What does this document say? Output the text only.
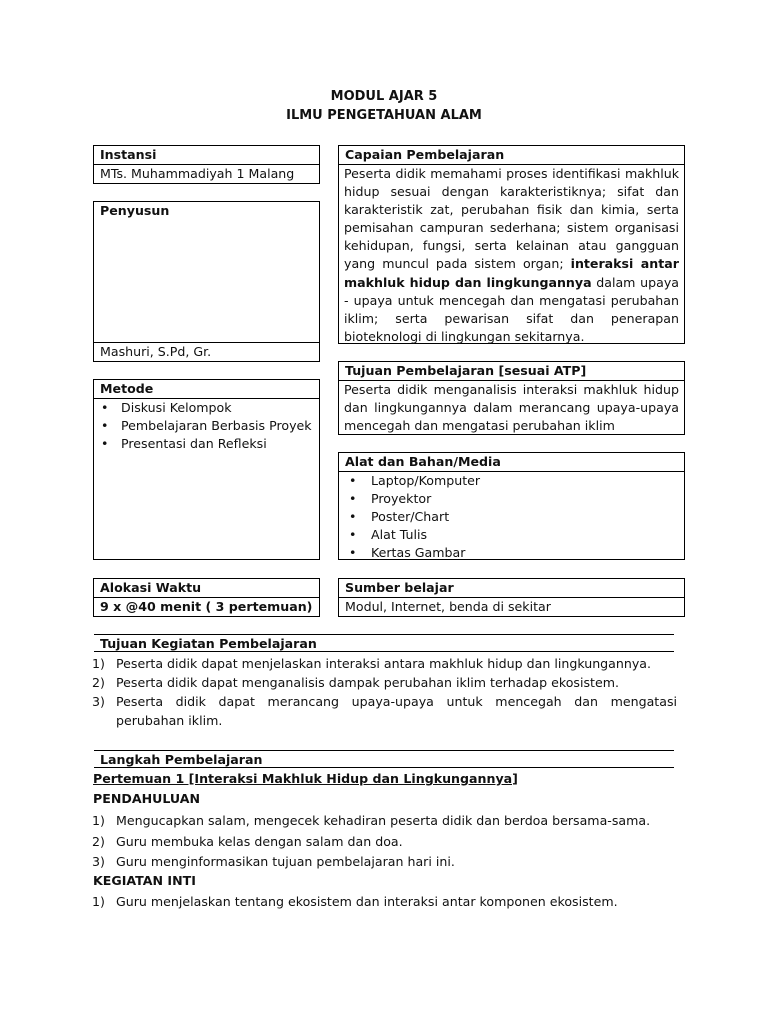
MODUL AJAR 5
ILMU PENGETAHUAN ALAM
Instansi
MTs. Muhammadiyah 1 Malang
Penyusun
Mashuri, S.Pd, Gr.
Capaian Pembelajaran
Peserta didik memahami proses identifikasi makhluk hidup sesuai dengan karakteristiknya; sifat dan karakteristik zat, perubahan fisik dan kimia, serta pemisahan campuran sederhana; sistem organisasi kehidupan, fungsi, serta kelainan atau gangguan yang muncul pada sistem organ; interaksi antar makhluk hidup dan lingkungannya dalam upaya - upaya untuk mencegah dan mengatasi perubahan iklim; serta pewarisan sifat dan penerapan bioteknologi di lingkungan sekitarnya.
Tujuan Pembelajaran [sesuai ATP]
Peserta didik menganalisis interaksi makhluk hidup dan lingkungannya dalam merancang upaya-upaya mencegah dan mengatasi perubahan iklim
Metode
• Diskusi Kelompok
• Pembelajaran Berbasis Proyek
• Presentasi dan Refleksi
Alat dan Bahan/Media
• Laptop/Komputer
• Proyektor
• Poster/Chart
• Alat Tulis
• Kertas Gambar
Alokasi Waktu
9 x @40 menit ( 3 pertemuan)
Sumber belajar
Modul, Internet, benda di sekitar
Tujuan Kegiatan Pembelajaran
1) Peserta didik dapat menjelaskan interaksi antara makhluk hidup dan lingkungannya.
2) Peserta didik dapat menganalisis dampak perubahan iklim terhadap ekosistem.
3) Peserta didik dapat merancang upaya-upaya untuk mencegah dan mengatasi perubahan iklim.
Langkah Pembelajaran
Pertemuan 1 [Interaksi Makhluk Hidup dan Lingkungannya]
PENDAHULUAN
1) Mengucapkan salam, mengecek kehadiran peserta didik dan berdoa bersama-sama.
2) Guru membuka kelas dengan salam dan doa.
3) Guru menginformasikan tujuan pembelajaran hari ini.
KEGIATAN INTI
1) Guru menjelaskan tentang ekosistem dan interaksi antar komponen ekosistem.
